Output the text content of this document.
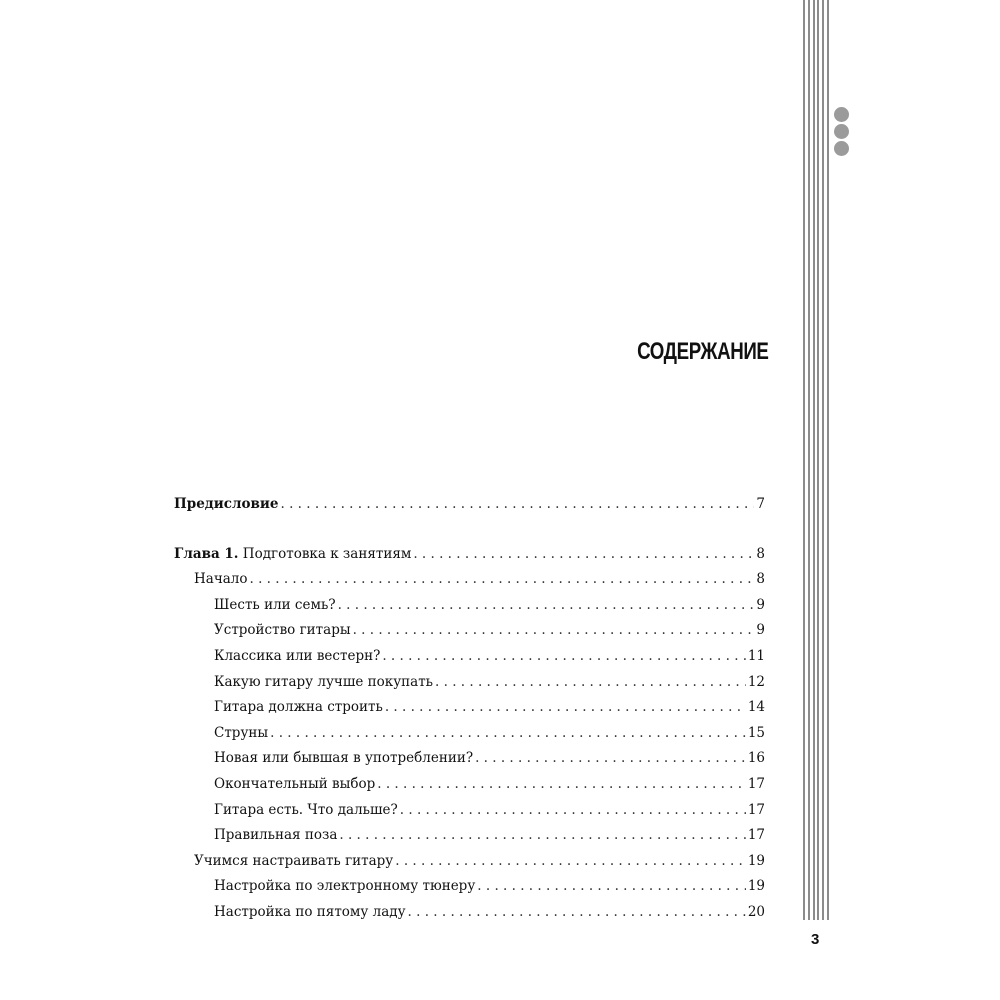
СОДЕРЖАНИЕ
Предисловие . . .	7
Глава 1. Подготовка к занятиям . . .	8
Начало . . .	8
Шесть или семь? . . .	9
Устройство гитары . . .	9
Классика или вестерн? . . .	11
Какую гитару лучше покупать . . .	12
Гитара должна строить . . .	14
Струны . . .	15
Новая или бывшая в употреблении? . . .	16
Окончательный выбор . . .	17
Гитара есть. Что дальше? . . .	17
Правильная поза . . .	17
Учимся настраивать гитару . . .	19
Настройка по электронному тюнеру . . .	19
Настройка по пятому ладу . . .	20
3
